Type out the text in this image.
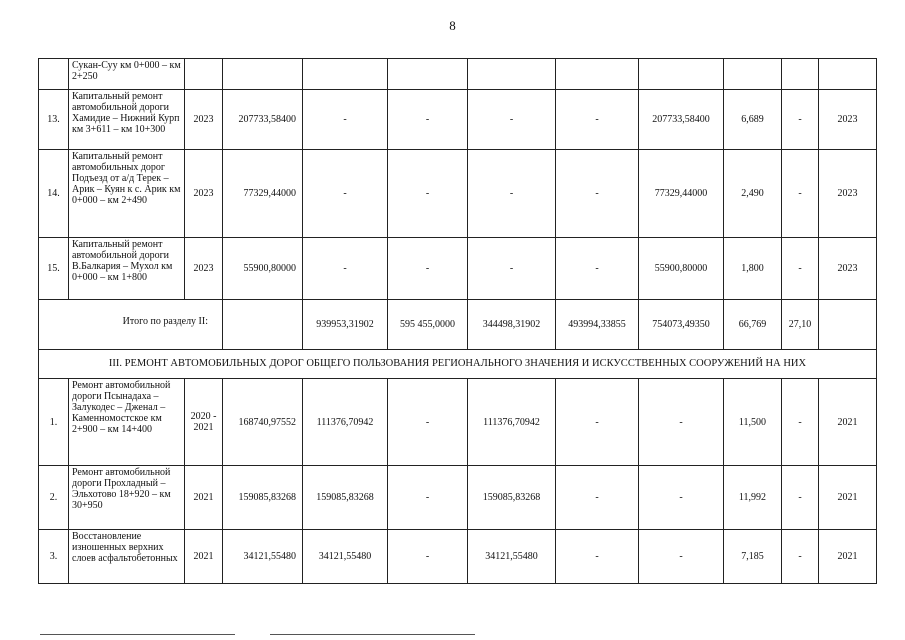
8
	Сукан-Суу км 0+000 – км 2+250										
13.	Капитальный ремонт автомобильной дороги Хамидие – Нижний Курп км 3+611 – км 10+300	2023	207733,58400	-	-	-	-	207733,58400	6,689	-	2023
14.	Капитальный ремонт автомобильных дорог Подъезд от а/д Терек – Арик – Куян к с. Арик км 0+000 – км 2+490	2023	77329,44000	-	-	-	-	77329,44000	2,490	-	2023
15.	Капитальный ремонт автомобильной дороги В.Балкария – Мухол км 0+000 – км 1+800	2023	55900,80000	-	-	-	-	55900,80000	1,800	-	2023
Итого по разделу II:				939953,31902	595 455,0000	344498,31902	493994,33855	754073,49350	66,769	27,10	
III. РЕМОНТ АВТОМОБИЛЬНЫХ ДОРОГ ОБЩЕГО ПОЛЬЗОВАНИЯ РЕГИОНАЛЬНОГО ЗНАЧЕНИЯ И ИСКУССТВЕННЫХ СООРУЖЕНИЙ НА НИХ											
1.	Ремонт автомобильной дороги Псынадаха – Залукодес – Дженал – Каменномостское км 2+900 – км 14+400	2020 - 2021	168740,97552	111376,70942	-	111376,70942	-	-	11,500	-	2021
2.	Ремонт автомобильной дороги Прохладный – Эльхотово 18+920 – км 30+950	2021	159085,83268	159085,83268	-	159085,83268	-	-	11,992	-	2021
3.	Восстановление изношенных верхних слоев асфальтобетонных	2021	34121,55480	34121,55480	-	34121,55480	-	-	7,185	-	2021
